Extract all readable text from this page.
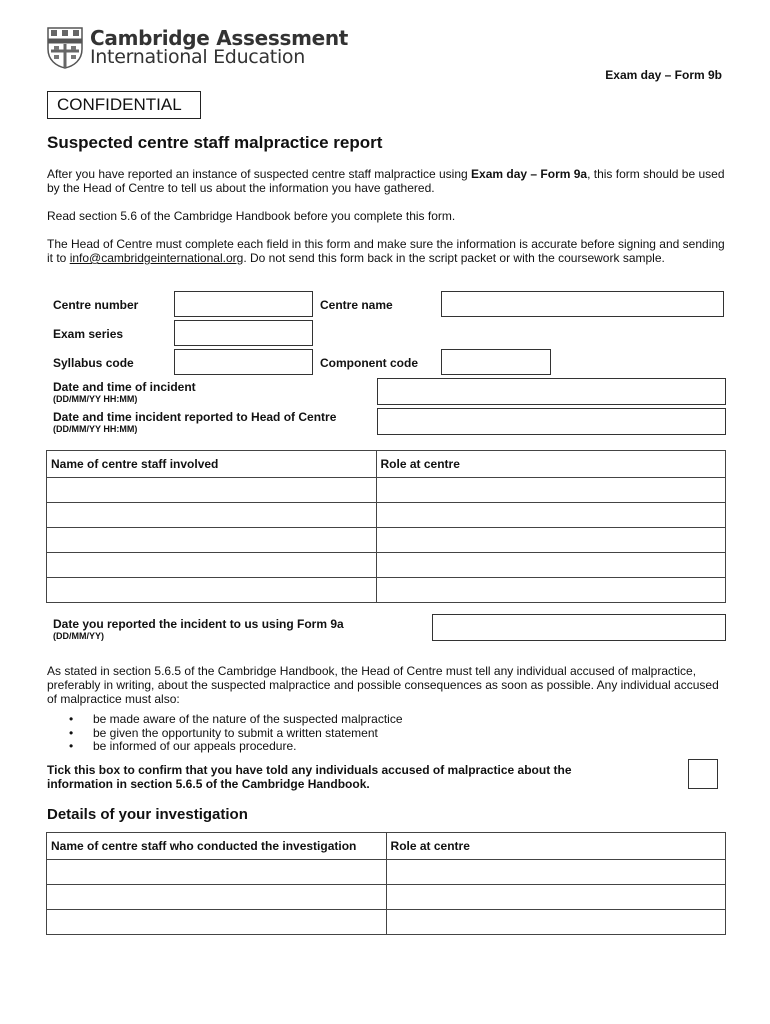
Cambridge Assessment
International Education
Exam day – Form 9b
CONFIDENTIAL
Suspected centre staff malpractice report
After you have reported an instance of suspected centre staff malpractice using Exam day – Form 9a, this form should be used by the Head of Centre to tell us about the information you have gathered.
Read section 5.6 of the Cambridge Handbook before you complete this form.
The Head of Centre must complete each field in this form and make sure the information is accurate before signing and sending it to info@cambridgeinternational.org. Do not send this form back in the script packet or with the coursework sample.
Centre number	Centre name
Exam series
Syllabus code	Component code
Date and time of incident
(DD/MM/YY HH:MM)
Date and time incident reported to Head of Centre
(DD/MM/YY HH:MM)
Name of centre staff involved	Role at centre

Date you reported the incident to us using Form 9a
(DD/MM/YY)
As stated in section 5.6.5 of the Cambridge Handbook, the Head of Centre must tell any individual accused of malpractice, preferably in writing, about the suspected malpractice and possible consequences as soon as possible. Any individual accused of malpractice must also:
• be made aware of the nature of the suspected malpractice
• be given the opportunity to submit a written statement
• be informed of our appeals procedure.
Tick this box to confirm that you have told any individuals accused of malpractice about the information in section 5.6.5 of the Cambridge Handbook.
Details of your investigation
Name of centre staff who conducted the investigation	Role at centre
